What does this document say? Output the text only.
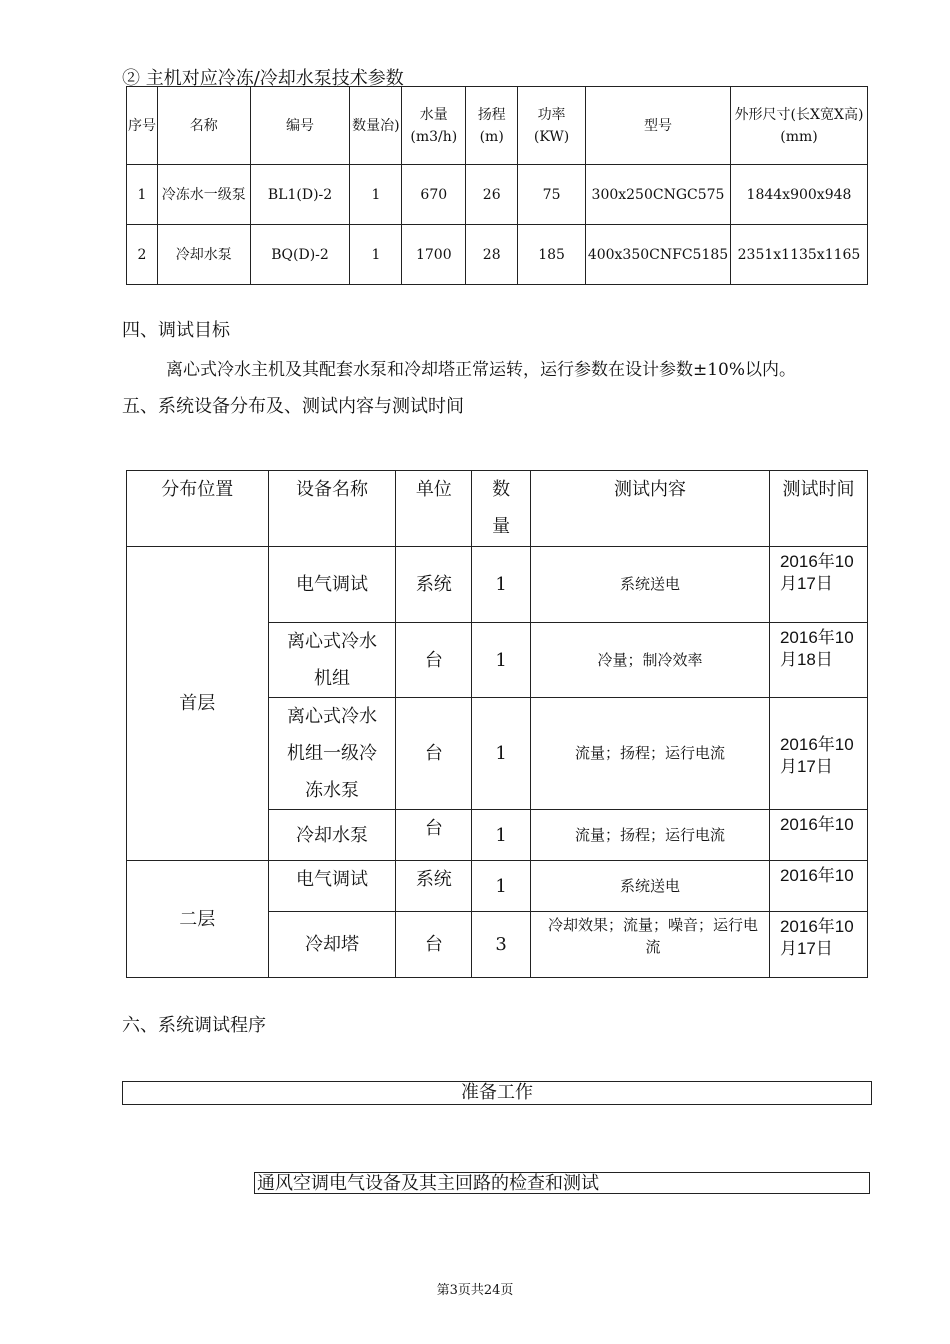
② 主机对应冷冻/冷却水泵技术参数
序号	名称	编号	数量冶)	水量 (m3/h)	扬程 (m)	功率 (KW)	型号	外形尺寸(长X宽X高)(mm)
1	冷冻水一级泵	BL1(D)-2	1	670	26	75	300x250CNGC575	1844x900x948
2	冷却水泵	BQ(D)-2	1	1700	28	185	400x350CNFC5185	2351x1135x1165
四、调试目标
离心式冷水主机及其配套水泵和冷却塔正常运转，运行参数在设计参数±10%以内。
五、系统设备分布及、测试内容与测试时间
分布位置	设备名称	单位	数量	测试内容	测试时间
首层	电气调试	系统	1	系统送电	2016年10月17日

	离心式冷水机组	台	1	冷量；制冷效率	2016年10月18日

	离心式冷水机组一级冷冻水泵	台	1	流量；扬程；运行电流	2016年10月17日

	冷却水泵	台	1	流量；扬程；运行电流	2016年10

二层	电气调试	系统	1	系统送电	2016年10

	冷却塔	台	3	冷却效果；流量；噪音；运行电流	2016年10月17日
六、系统调试程序
准备工作
通风空调电气设备及其主回路的检查和测试
第3页共24页
